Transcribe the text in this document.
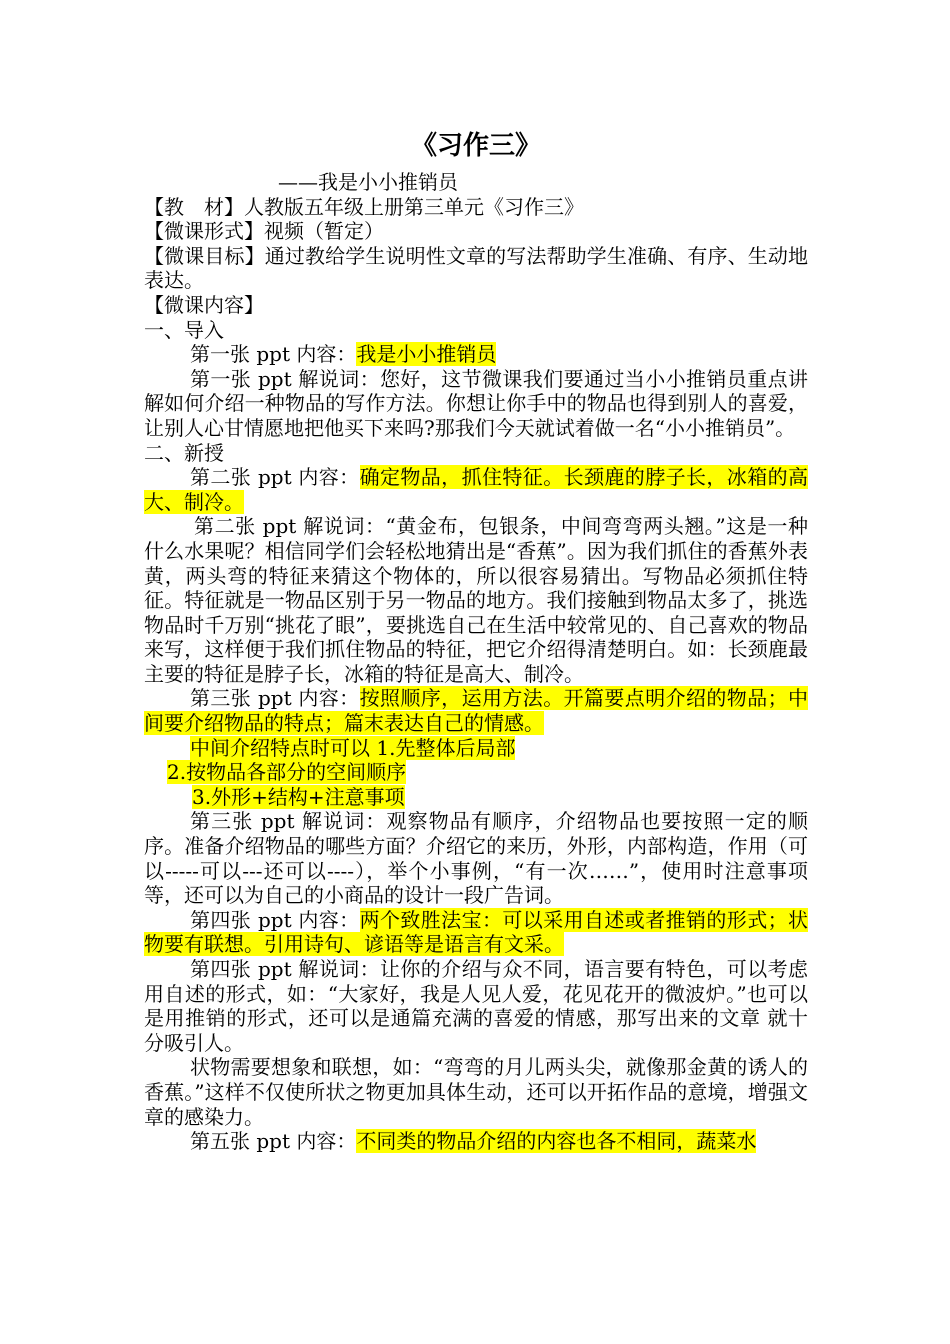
《习作三》

——我是小小推销员

【教　材】人教版五年级上册第三单元《习作三》

【微课形式】视频（暂定）

【微课目标】通过教给学生说明性文章的写法帮助学生准确、有序、生动地表达。

【微课内容】

一、导入

第一张 ppt 内容：我是小小推销员

第一张 ppt 解说词：您好，这节微课我们要通过当小小推销员重点讲解如何介绍一种物品的写作方法。你想让你手中的物品也得到别人的喜爱，让别人心甘情愿地把他买下来吗?那我们今天就试着做一名“小小推销员”。

二、新授

第二张 ppt 内容：确定物品，抓住特征。长颈鹿的脖子长，冰箱的高大、制冷。

第二张 ppt 解说词：“黄金布，包银条，中间弯弯两头翘。”这是一种什么水果呢？相信同学们会轻松地猜出是“香蕉”。因为我们抓住的香蕉外表黄，两头弯的特征来猜这个物体的，所以很容易猜出。写物品必须抓住特征。特征就是一物品区别于另一物品的地方。我们接触到物品太多了，挑选物品时千万别“挑花了眼”，要挑选自己在生活中较常见的、自己喜欢的物品来写，这样便于我们抓住物品的特征，把它介绍得清楚明白。如：长颈鹿最主要的特征是脖子长，冰箱的特征是高大、制冷。

第三张 ppt 内容：按照顺序，运用方法。开篇要点明介绍的物品；中间要介绍物品的特点；篇末表达自己的情感。

中间介绍特点时可以 1.先整体后局部

2.按物品各部分的空间顺序

3.外形+结构+注意事项

第三张 ppt 解说词：观察物品有顺序，介绍物品也要按照一定的顺序。准备介绍物品的哪些方面？介绍它的来历，外形，内部构造，作用（可以-----可以---还可以----），举个小事例，“有一次……”，使用时注意事项等，还可以为自己的小商品的设计一段广告词。

第四张 ppt 内容：两个致胜法宝：可以采用自述或者推销的形式；状物要有联想。引用诗句、谚语等是语言有文采。

第四张 ppt 解说词：让你的介绍与众不同，语言要有特色，可以考虑用自述的形式，如：“大家好，我是人见人爱，花见花开的微波炉。”也可以是用推销的形式，还可以是通篇充满的喜爱的情感，那写出来的文章 就十分吸引人。

状物需要想象和联想，如：“弯弯的月儿两头尖，就像那金黄的诱人的香蕉。”这样不仅使所状之物更加具体生动，还可以开拓作品的意境，增强文章的感染力。

第五张 ppt 内容：不同类的物品介绍的内容也各不相同，蔬菜水
